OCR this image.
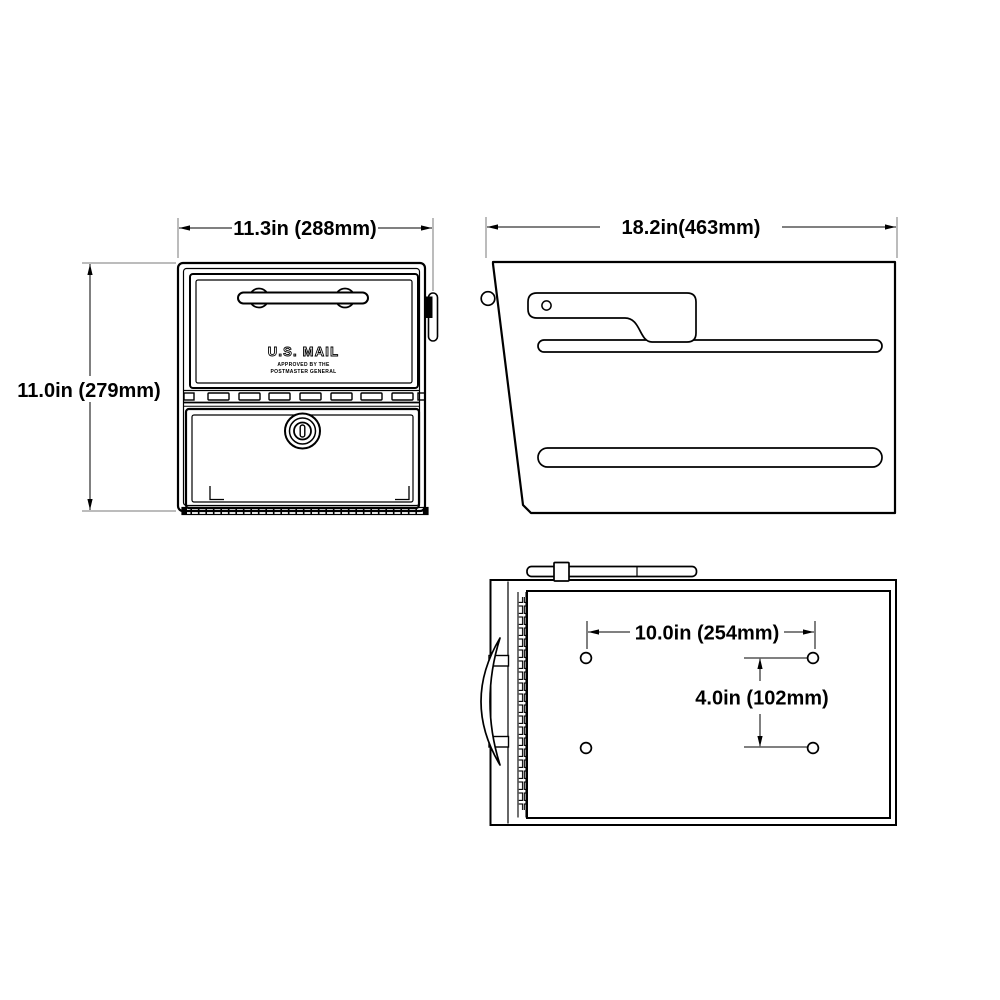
U.S. MAIL
APPROVED BY THE
POSTMASTER GENERAL
11.3in (288mm)
11.0in (279mm)
18.2in(463mm)
10.0in (254mm)
4.0in (102mm)
